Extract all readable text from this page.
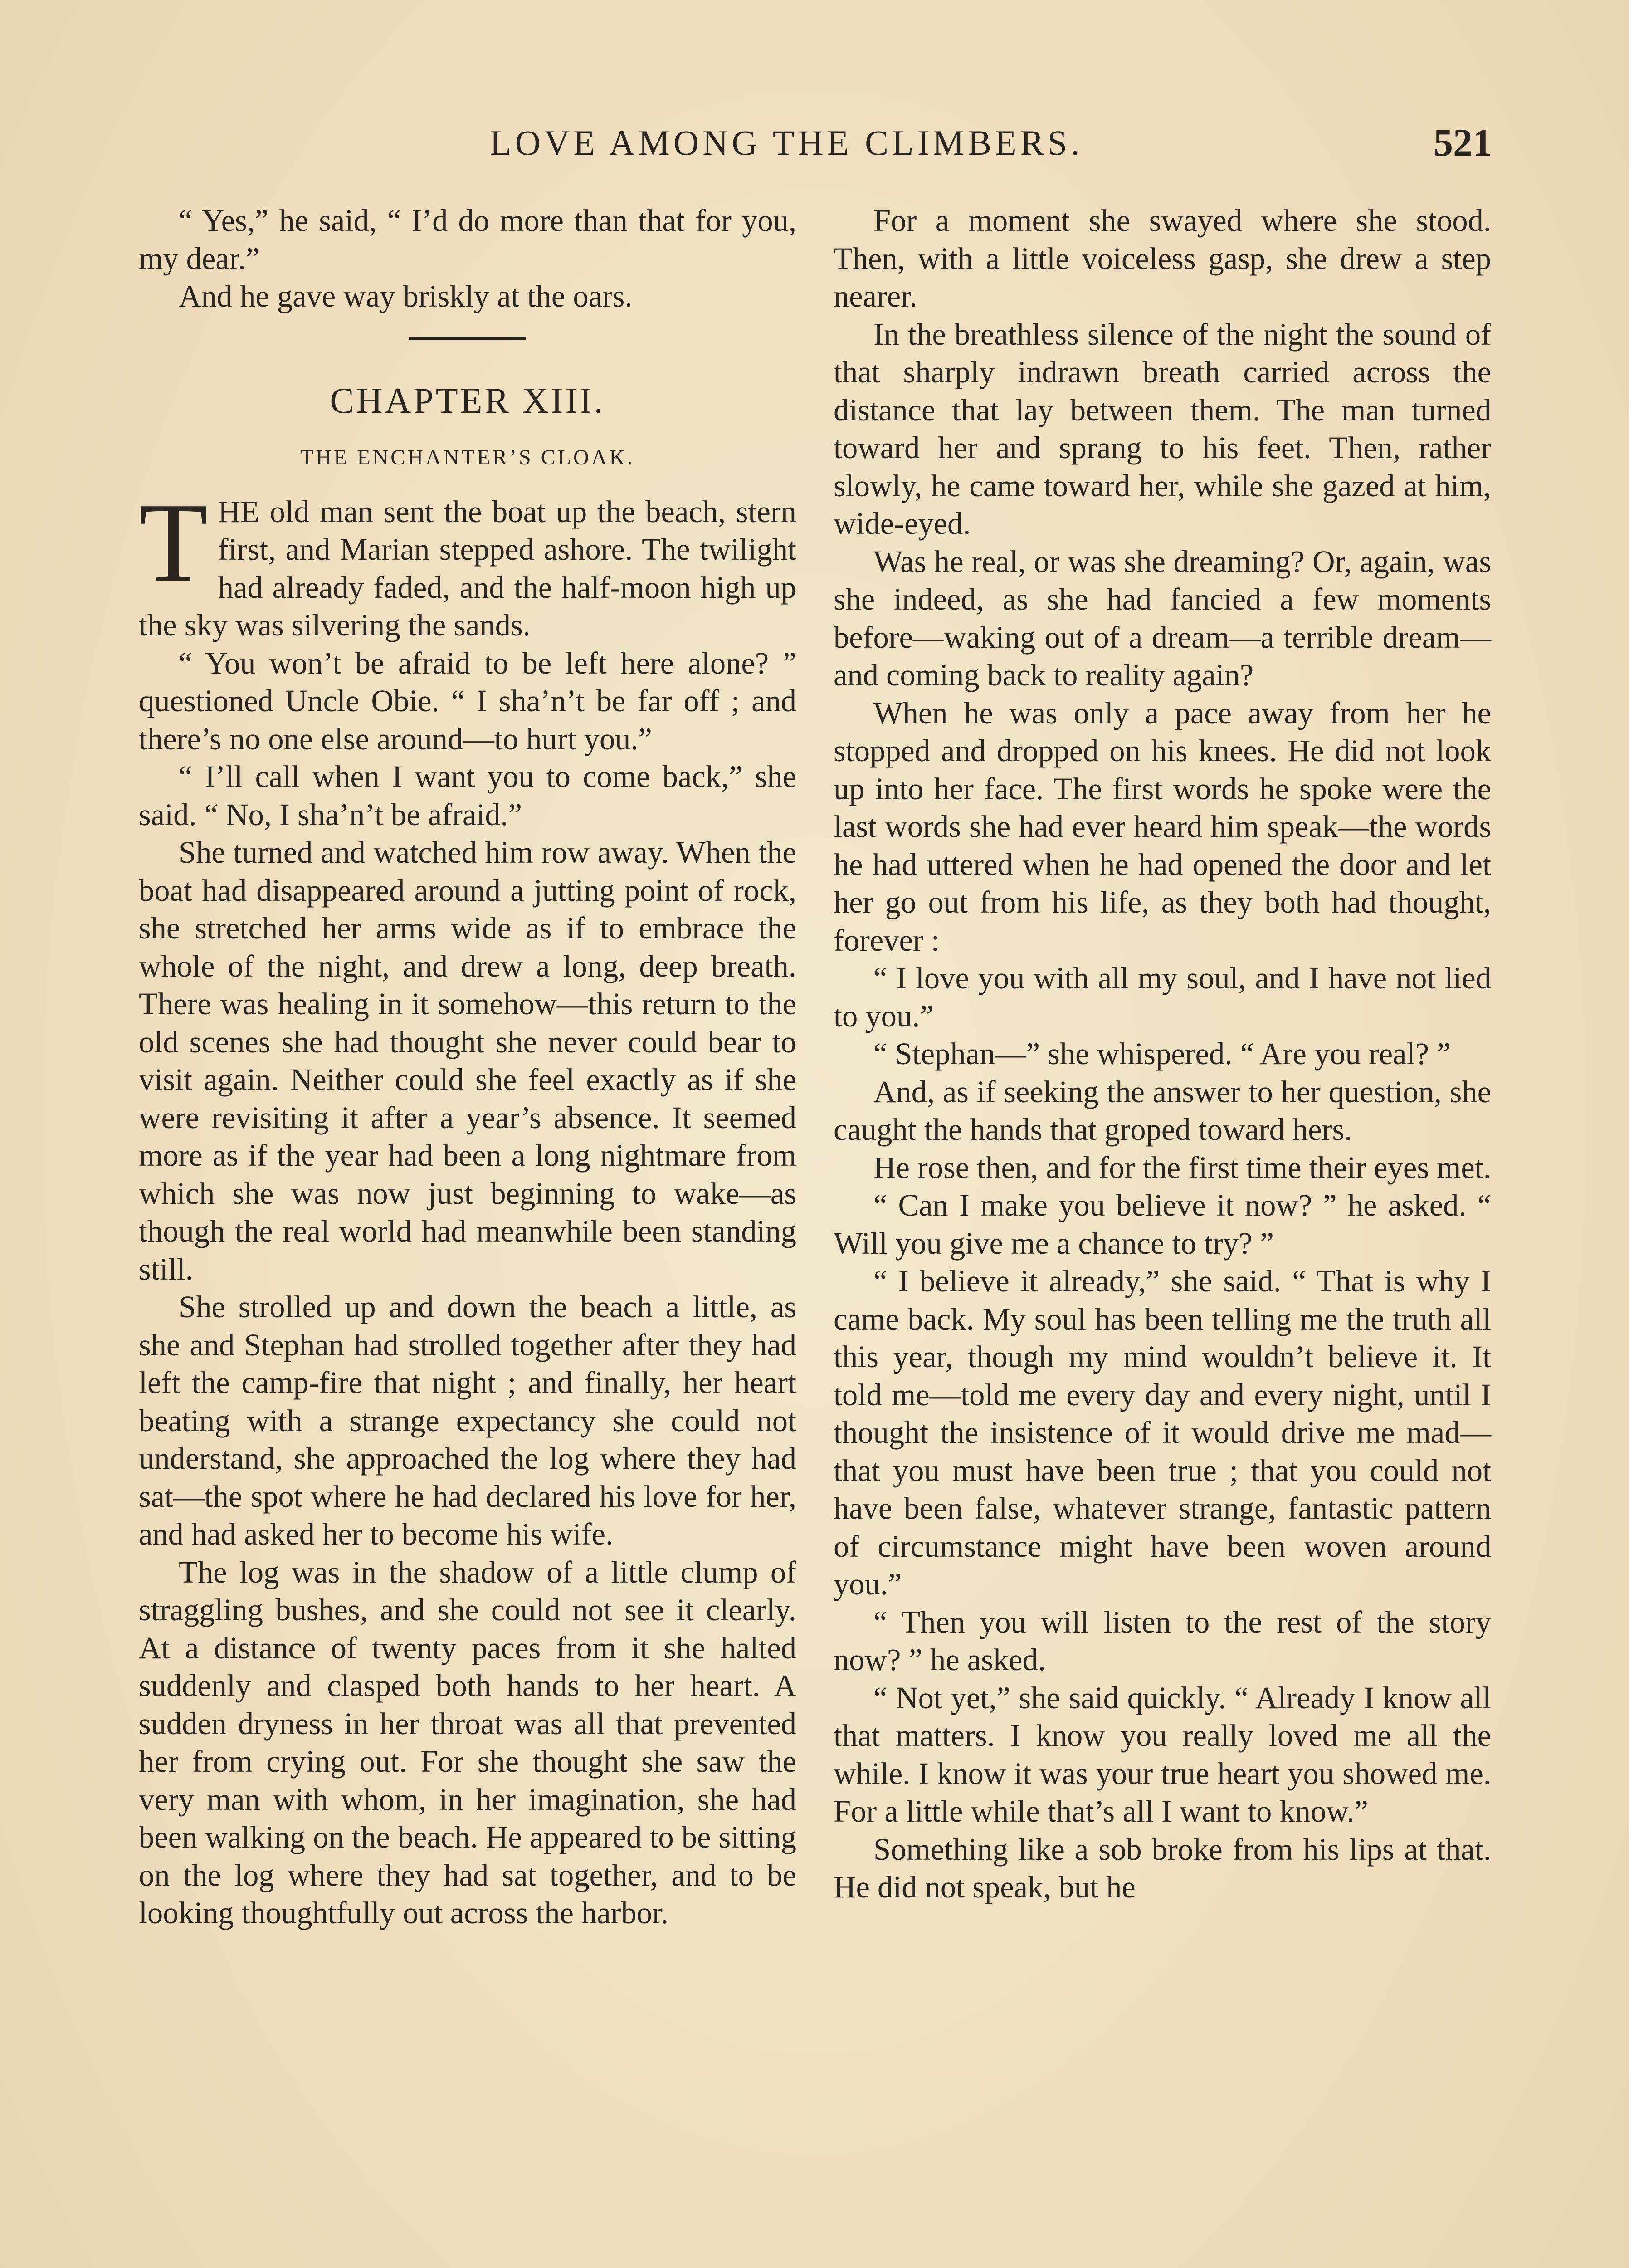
LOVE AMONG THE CLIMBERS.	521

“ Yes,” he said, “ I’d do more than that for you, my dear.”

And he gave way briskly at the oars.

CHAPTER XIII.
THE ENCHANTER’S CLOAK.

THE old man sent the boat up the beach, stern first, and Marian stepped ashore. The twilight had already faded, and the half-moon high up the sky was silvering the sands.

“ You won’t be afraid to be left here alone? ” questioned Uncle Obie. “ I sha’n’t be far off ; and there’s no one else around—to hurt you.”

“ I’ll call when I want you to come back,” she said. “ No, I sha’n’t be afraid.”

She turned and watched him row away. When the boat had disappeared around a jutting point of rock, she stretched her arms wide as if to embrace the whole of the night, and drew a long, deep breath. There was healing in it somehow—this return to the old scenes she had thought she never could bear to visit again. Neither could she feel exactly as if she were revisiting it after a year’s absence. It seemed more as if the year had been a long nightmare from which she was now just beginning to wake—as though the real world had meanwhile been standing still.

She strolled up and down the beach a little, as she and Stephan had strolled together after they had left the camp-fire that night ; and finally, her heart beating with a strange expectancy she could not understand, she approached the log where they had sat—the spot where he had declared his love for her, and had asked her to become his wife.

The log was in the shadow of a little clump of straggling bushes, and she could not see it clearly. At a distance of twenty paces from it she halted suddenly and clasped both hands to her heart. A sudden dryness in her throat was all that prevented her from crying out. For she thought she saw the very man with whom, in her imagination, she had been walking on the beach. He appeared to be sitting on the log where they had sat together, and to be looking thoughtfully out across the harbor.

For a moment she swayed where she stood. Then, with a little voiceless gasp, she drew a step nearer.

In the breathless silence of the night the sound of that sharply indrawn breath carried across the distance that lay between them. The man turned toward her and sprang to his feet. Then, rather slowly, he came toward her, while she gazed at him, wide-eyed.

Was he real, or was she dreaming? Or, again, was she indeed, as she had fancied a few moments before—waking out of a dream—a terrible dream—and coming back to reality again?

When he was only a pace away from her he stopped and dropped on his knees. He did not look up into her face. The first words he spoke were the last words she had ever heard him speak—the words he had uttered when he had opened the door and let her go out from his life, as they both had thought, forever :

“ I love you with all my soul, and I have not lied to you.”

“ Stephan—” she whispered. “ Are you real? ”

And, as if seeking the answer to her question, she caught the hands that groped toward hers.

He rose then, and for the first time their eyes met.

“ Can I make you believe it now? ” he asked. “ Will you give me a chance to try? ”

“ I believe it already,” she said. “ That is why I came back. My soul has been telling me the truth all this year, though my mind wouldn’t believe it. It told me—told me every day and every night, until I thought the insistence of it would drive me mad—that you must have been true ; that you could not have been false, whatever strange, fantastic pattern of circumstance might have been woven around you.”

“ Then you will listen to the rest of the story now? ” he asked.

“ Not yet,” she said quickly. “ Already I know all that matters. I know you really loved me all the while. I know it was your true heart you showed me. For a little while that’s all I want to know.”

Something like a sob broke from his lips at that. He did not speak, but he
